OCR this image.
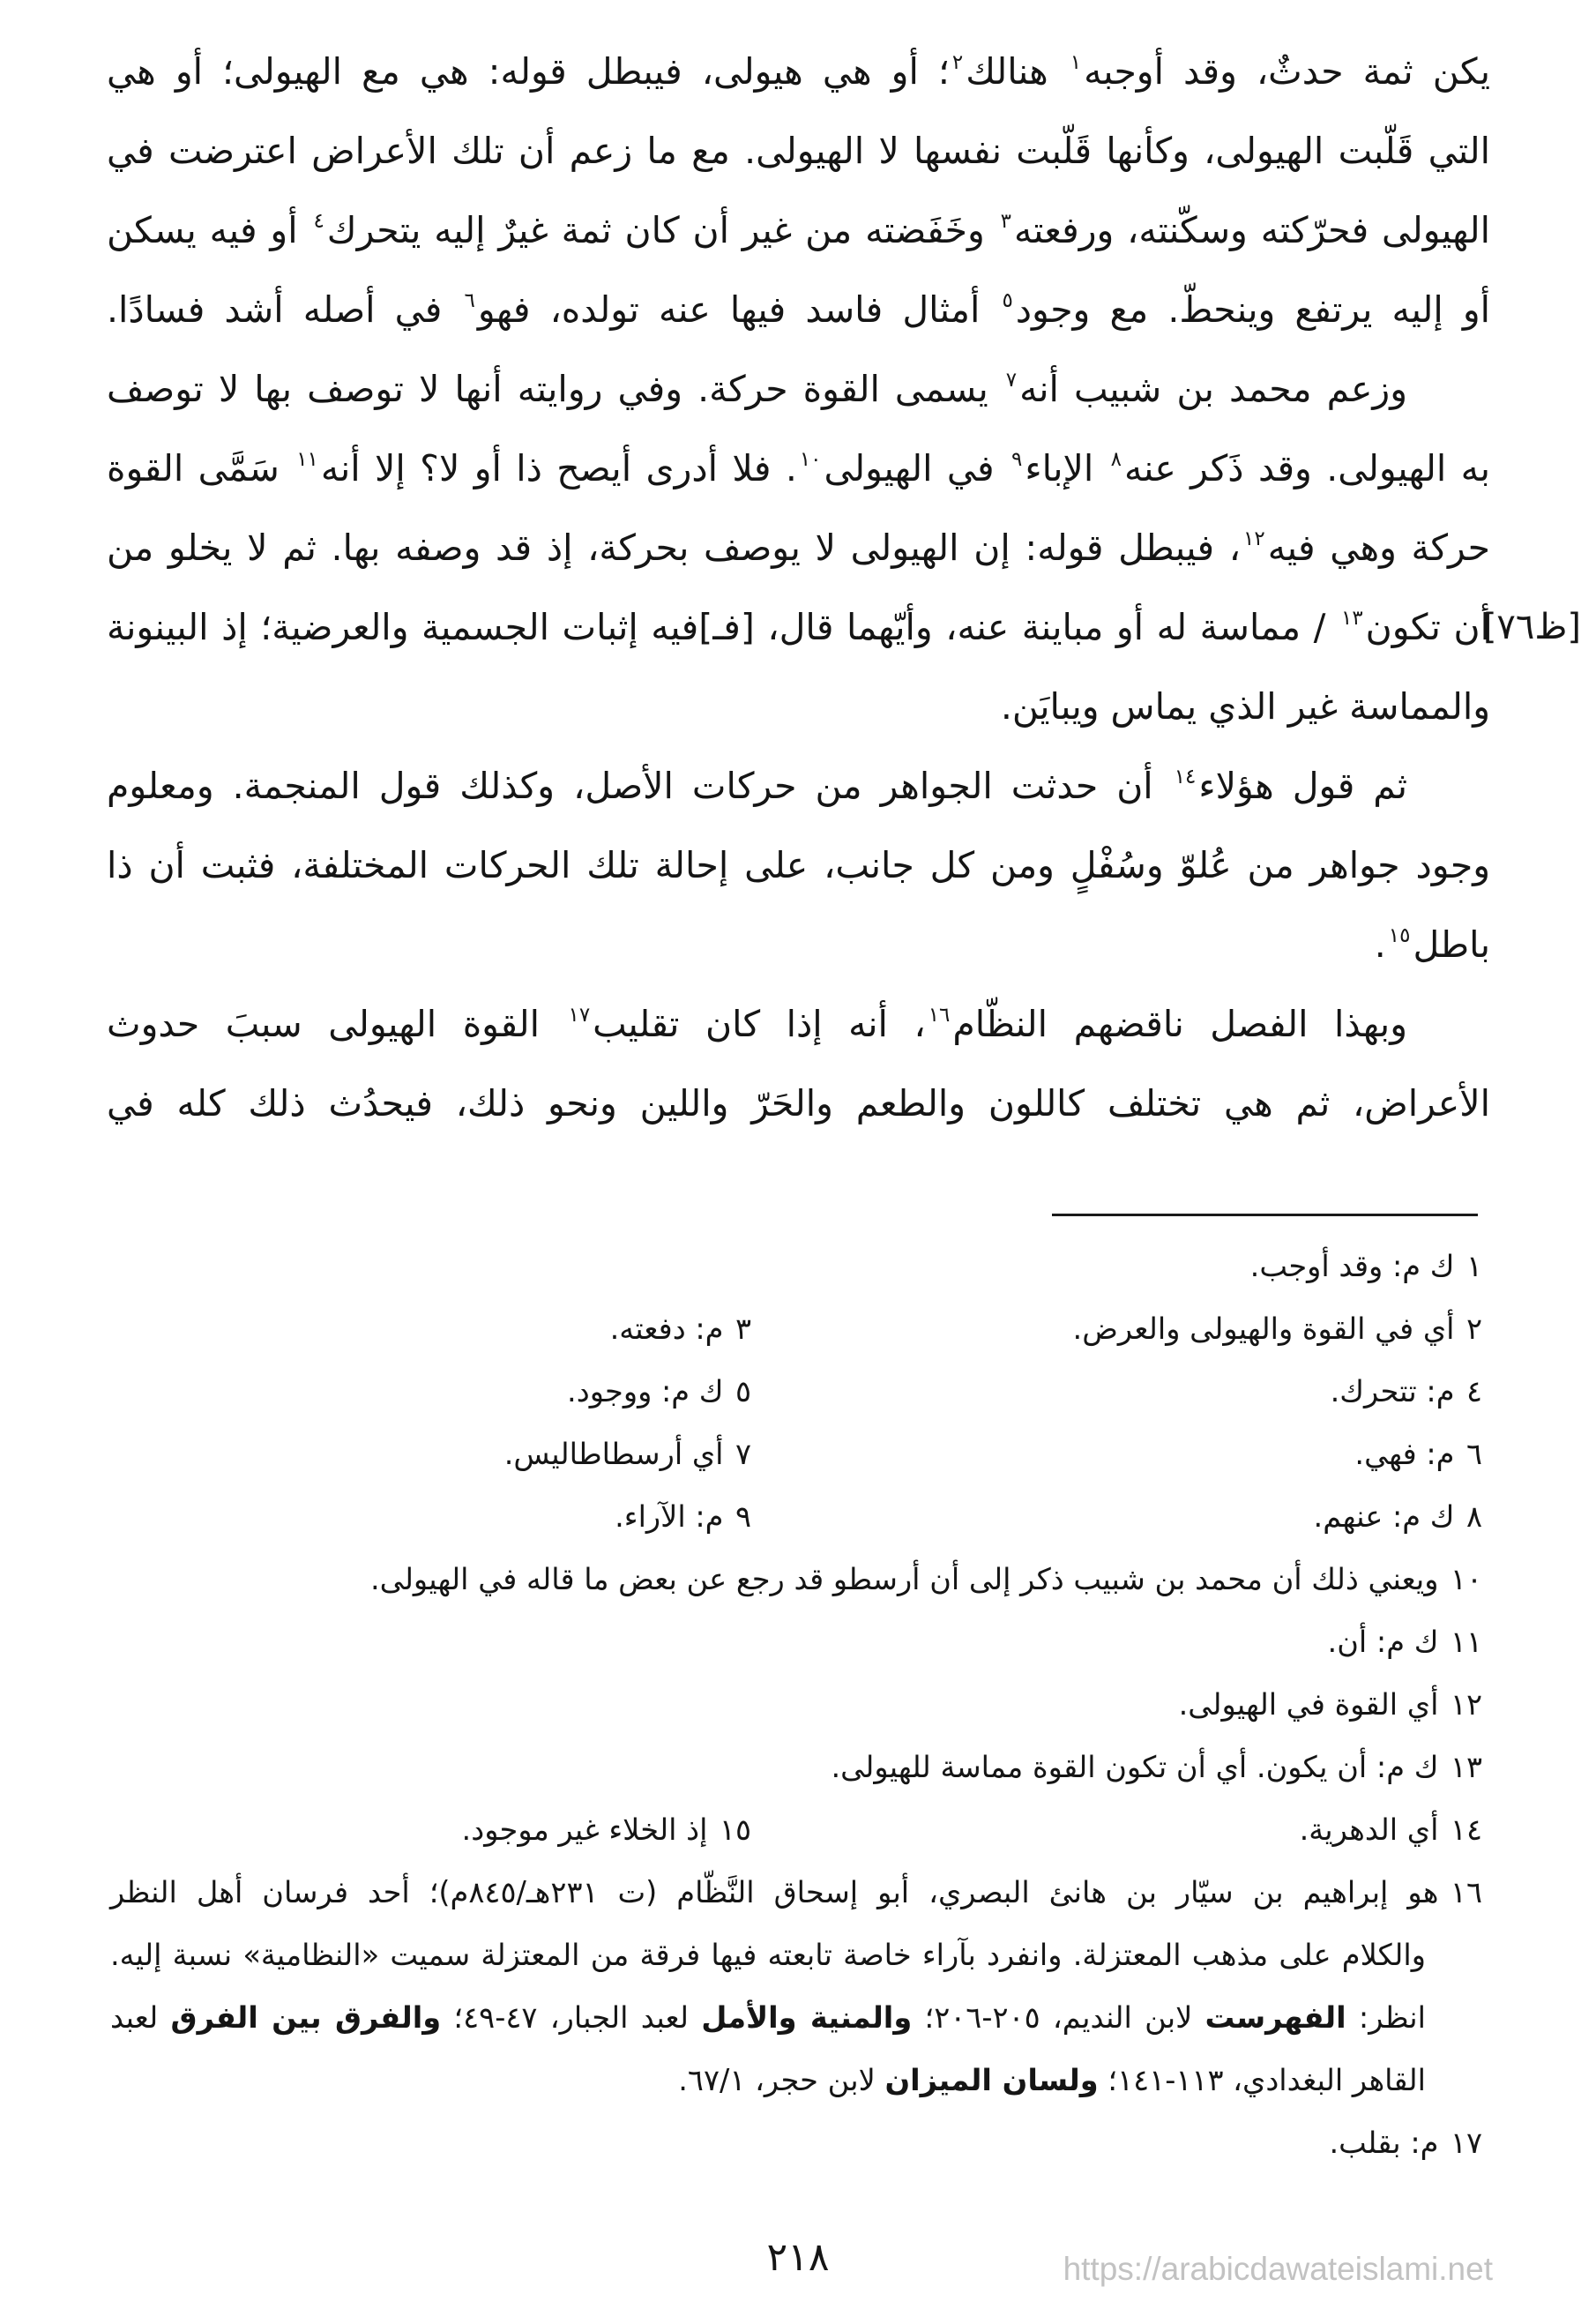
يكن ثمة حدثٌ، وقد أوجبه$^١$ هنالك$^٢$؛ أو هي هيولى، فيبطل قوله: هي مع الهيولى؛ أو هي
التي قَلّبت الهيولى، وكأنها قَلّبت نفسها لا الهيولى. مع ما زعم أن تلك الأعراض اعترضت في
الهيولى فحرّكته وسكّنته، ورفعته$^٣$ وخَفَضته من غير أن كان ثمة غيرٌ إليه يتحرك$^٤$ أو فيه يسكن
أو إليه يرتفع وينحطّ. مع وجود$^٥$ أمثال فاسد فيها عنه تولده، فهو$^٦$ في أصله أشد فسادًا.
وزعم محمد بن شبيب أنه$^٧$ يسمى القوة حركة. وفي روايته أنها لا توصف بها لا توصف
به الهيولى. وقد ذَكر عنه$^٨$ الإباء$^٩$ في الهيولى$^{١٠}$. فلا أدرى أيصح ذا أو لا؟ إلا أنه$^{١١}$ سَمَّى القوة
حركة وهي فيه$^{١٢}$، فيبطل قوله: إن الهيولى لا يوصف بحركة، إذ قد وصفه بها. ثم لا يخلو من
أن تكون$^{١٣}$ / مماسة له أو مباينة عنه، وأيّهما قال، [فـ]فيه إثبات الجسمية والعرضية؛ إذ البينونة
والمماسة غير الذي يماس ويبايَن.
ثم قول هؤلاء$^{١٤}$ أن حدثت الجواهر من حركات الأصل، وكذلك قول المنجمة. ومعلوم
وجود جواهر من عُلوّ وسُفْلٍ ومن كل جانب، على إحالة تلك الحركات المختلفة، فثبت أن ذا
باطل$^{١٥}$.
وبهذا الفصل ناقضهم النظّام$^{١٦}$، أنه إذا كان تقليب$^{١٧}$ القوة الهيولى سببَ حدوث
الأعراض، ثم هي تختلف كاللون والطعم والحَرّ واللين ونحو ذلك، فيحدُث ذلك كله في
[٧٦ظ]
١ك م: وقد أوجب.
٢أي في القوة والهيولى والعرض.
٣م: دفعته.
٤م: تتحرك.
٥ك م: ووجود.
٦م: فهي.
٧أي أرسطاطاليس.
٨ك م: عنهم.
٩م: الآراء.
١٠ويعني ذلك أن محمد بن شبيب ذكر إلى أن أرسطو قد رجع عن بعض ما قاله في الهيولى.
١١ك م: أن.
١٢أي القوة في الهيولى.
١٣ك م: أن يكون. أي أن تكون القوة مماسة للهيولى.
١٤أي الدهرية.
١٥إذ الخلاء غير موجود.
١٦هو إبراهيم بن سيّار بن هانئ البصري، أبو إسحاق النَّظّام (ت ٢٣١هـ/٨٤٥م)؛ أحد فرسان أهل النظر
والكلام على مذهب المعتزلة. وانفرد بآراء خاصة تابعته فيها فرقة من المعتزلة سميت «النظامية» نسبة إليه.
انظر: الفهرست لابن النديم، ٢٠٥-٢٠٦؛ والمنية والأمل لعبد الجبار، ٤٧-٤٩؛ والفرق بين الفرق لعبد
القاهر البغدادي، ١١٣-١٤١؛ ولسان الميزان لابن حجر، ٦٧/١.
١٧م: بقلب.
٢١٨	https://arabicdawateislami.net
